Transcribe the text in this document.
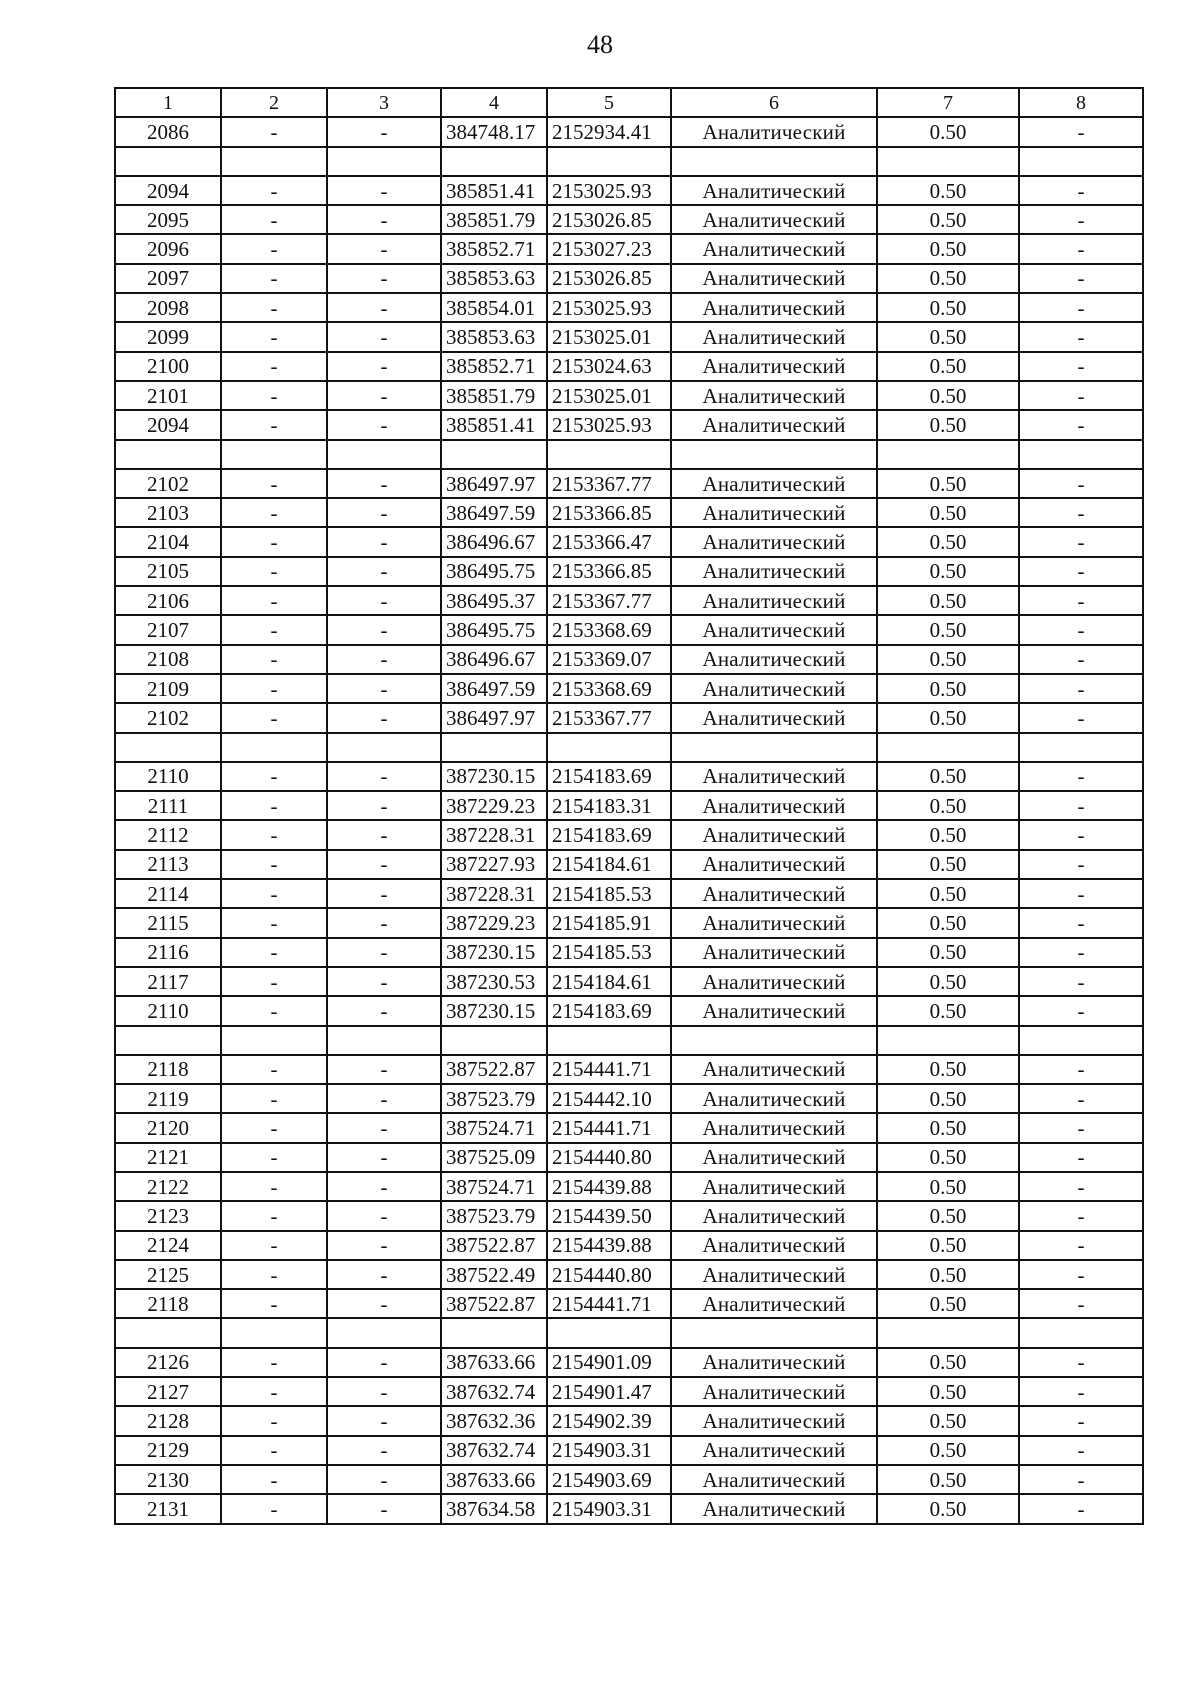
48
1	2	3	4	5	6	7	8
2086	-	-	384748.17	2152934.41	Аналитический	0.50	-

2094	-	-	385851.41	2153025.93	Аналитический	0.50	-
2095	-	-	385851.79	2153026.85	Аналитический	0.50	-
2096	-	-	385852.71	2153027.23	Аналитический	0.50	-
2097	-	-	385853.63	2153026.85	Аналитический	0.50	-
2098	-	-	385854.01	2153025.93	Аналитический	0.50	-
2099	-	-	385853.63	2153025.01	Аналитический	0.50	-
2100	-	-	385852.71	2153024.63	Аналитический	0.50	-
2101	-	-	385851.79	2153025.01	Аналитический	0.50	-
2094	-	-	385851.41	2153025.93	Аналитический	0.50	-

2102	-	-	386497.97	2153367.77	Аналитический	0.50	-
2103	-	-	386497.59	2153366.85	Аналитический	0.50	-
2104	-	-	386496.67	2153366.47	Аналитический	0.50	-
2105	-	-	386495.75	2153366.85	Аналитический	0.50	-
2106	-	-	386495.37	2153367.77	Аналитический	0.50	-
2107	-	-	386495.75	2153368.69	Аналитический	0.50	-
2108	-	-	386496.67	2153369.07	Аналитический	0.50	-
2109	-	-	386497.59	2153368.69	Аналитический	0.50	-
2102	-	-	386497.97	2153367.77	Аналитический	0.50	-

2110	-	-	387230.15	2154183.69	Аналитический	0.50	-
2111	-	-	387229.23	2154183.31	Аналитический	0.50	-
2112	-	-	387228.31	2154183.69	Аналитический	0.50	-
2113	-	-	387227.93	2154184.61	Аналитический	0.50	-
2114	-	-	387228.31	2154185.53	Аналитический	0.50	-
2115	-	-	387229.23	2154185.91	Аналитический	0.50	-
2116	-	-	387230.15	2154185.53	Аналитический	0.50	-
2117	-	-	387230.53	2154184.61	Аналитический	0.50	-
2110	-	-	387230.15	2154183.69	Аналитический	0.50	-

2118	-	-	387522.87	2154441.71	Аналитический	0.50	-
2119	-	-	387523.79	2154442.10	Аналитический	0.50	-
2120	-	-	387524.71	2154441.71	Аналитический	0.50	-
2121	-	-	387525.09	2154440.80	Аналитический	0.50	-
2122	-	-	387524.71	2154439.88	Аналитический	0.50	-
2123	-	-	387523.79	2154439.50	Аналитический	0.50	-
2124	-	-	387522.87	2154439.88	Аналитический	0.50	-
2125	-	-	387522.49	2154440.80	Аналитический	0.50	-
2118	-	-	387522.87	2154441.71	Аналитический	0.50	-

2126	-	-	387633.66	2154901.09	Аналитический	0.50	-
2127	-	-	387632.74	2154901.47	Аналитический	0.50	-
2128	-	-	387632.36	2154902.39	Аналитический	0.50	-
2129	-	-	387632.74	2154903.31	Аналитический	0.50	-
2130	-	-	387633.66	2154903.69	Аналитический	0.50	-
2131	-	-	387634.58	2154903.31	Аналитический	0.50	-
